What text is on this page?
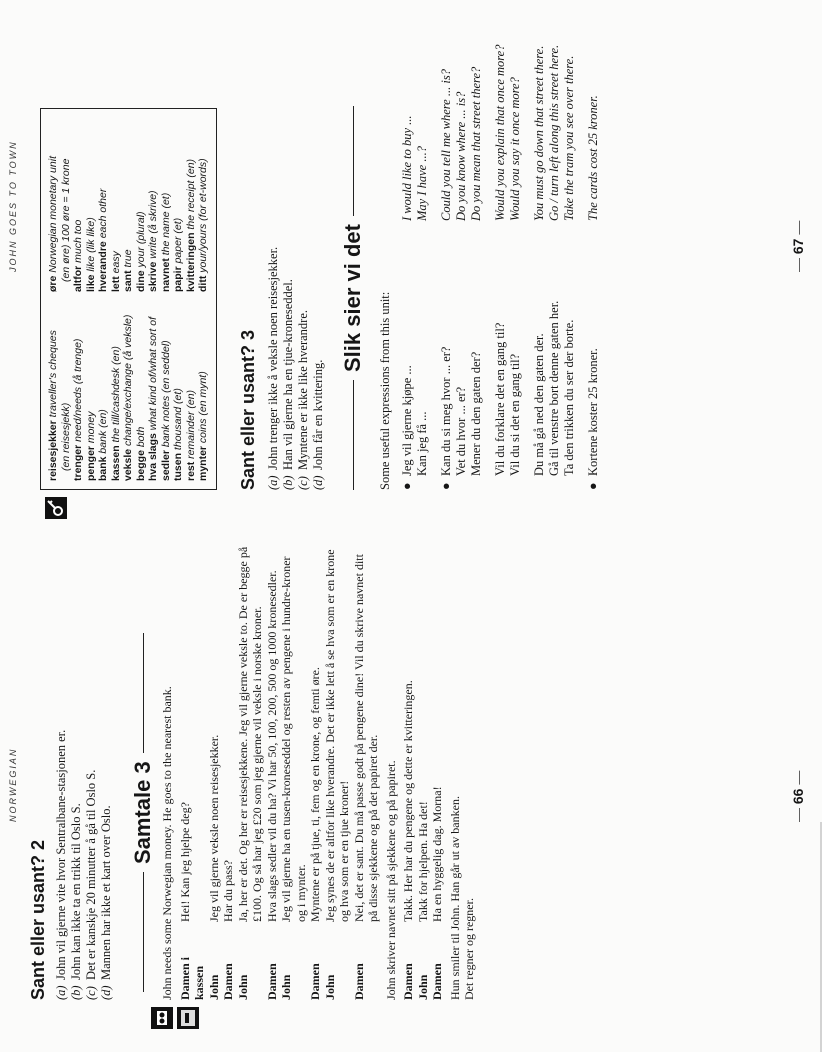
NORWEGIAN
Sant eller usant? 2 (a)John vil gjerne vite hvor Sentralbane-stasjonen er.
(b)John kan ikke ta en trikk til Oslo S.
(c)Det er kanskje 20 minutter å gå til Oslo S.
(d)Mannen har ikke et kart over Oslo. Samtale 3 John needs some Norwegian money. He goes to the nearest bank. Damen i kassen
Hei! Kan jeg hjelpe deg?
John
Jeg vil gjerne veksle noen reisesjekker.
Damen
Har du pass?
John
Ja, her er det. Og her er reisesjekkene. Jeg vil gjerne veksle to. De er begge på £100. Og så har jeg £20 som jeg gjerne vil veksle i norske kroner.
Damen
Hva slags sedler vil du ha? Vi har 50, 100, 200, 500 og 1000 kronesedler.
John
Jeg vil gjerne ha en tusen-kroneseddel og resten av pengene i hundre-kroner og i mynter.
Damen
Myntene er på tjue, ti, fem og en krone, og femti øre.
John
Jeg synes de er altfor like hverandre. Det er ikke lett å se hva som er en krone og hva som er en tjue kroner!
Damen
Nei, det er sant. Du må passe godt på pengene dine! Vil du skrive navnet ditt på disse sjekkene og på det papiret der. John skriver navnet sitt på sjekkene og på papiret. Damen
Takk. Her har du pengene og dette er kvitteringen.
John
Takk for hjelpen. Ha det!
Damen
Ha en hyggelig dag. Morna! Hun smiler til John. Han går ut av banken. Det regner og regner.

— 66 —
JOHN GOES TO TOWN
reisesjekker traveller's cheques
(en reisesjekk) trenger need/needs (å trenge)
penger money
bank bank (en)
kassen the till/cashdesk (en)
veksle change/exchange (å veksle)
begge both hva slags what kind of/what sort of
sedler bank notes (en seddel)
tusen thousand (et)
rest remainder (en)
mynter coins (en mynt)
øre Norwegian monetary unit (en øre) 100 øre = 1 krone altfor much too
like like (lik like) hverandre each other
lett easy
sant true
dine your (plural)
skrive write (å skrive)
navnet the name (et)
papir paper (et) kvitteringen the receipt (en)
ditt your/yours (for et-words)
Sant eller usant? 3 (a)John trenger ikke å veksle noen reisesjekker.
(b)Han vil gjerne ha en tjue-kroneseddel.
(c)Myntene er ikke like hverandre.
(d)John får en kvittering.
Slik sier vi det Some useful expressions from this unit: ●
Jeg vil gjerne kjøpe ...
I would like to buy ...
Kan jeg få ...
May I have ...?
●
Kan du si meg hvor ... er?
Could you tell me where ... is?
Vet du hvor ... er?
Do you know where ... is?
Mener du den gaten der?
Do you mean that street there?
Vil du forklare det en gang til?
Would you explain that once more?
Vil du si det en gang til?
Would you say it once more?
Du må gå ned den gaten der.
You must go down that street there.
Gå til venstre bort denne gaten her.
Go / turn left along this street here.
Ta den trikken du ser der borte.
Take the tram you see over there.
●
Kortene koster 25 kroner.
The cards cost 25 kroner.
— 67 —
